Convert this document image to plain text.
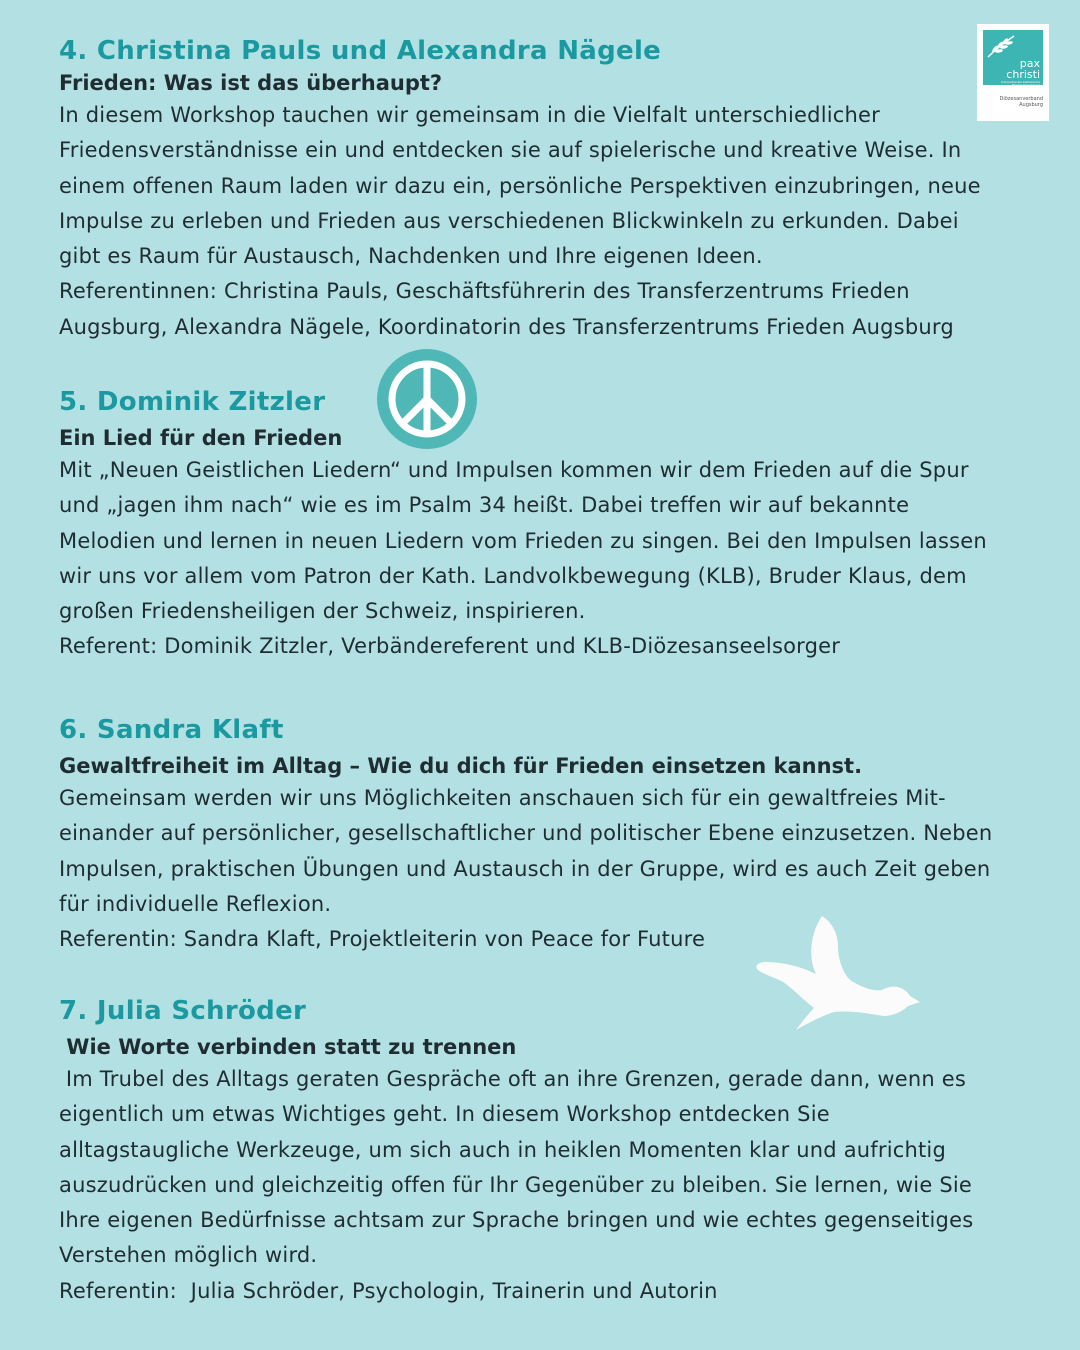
4. Christina Pauls und Alexandra Nägele

Frieden: Was ist das überhaupt?

In diesem Workshop tauchen wir gemeinsam in die Vielfalt unterschiedlicher

Friedensverständnisse ein und entdecken sie auf spielerische und kreative Weise. In

einem offenen Raum laden wir dazu ein, persönliche Perspektiven einzubringen, neue

Impulse zu erleben und Frieden aus verschiedenen Blickwinkeln zu erkunden. Dabei

gibt es Raum für Austausch, Nachdenken und Ihre eigenen Ideen.

Referentinnen: Christina Pauls, Geschäftsführerin des Transferzentrums Frieden

Augsburg, Alexandra Nägele, Koordinatorin des Transferzentrums Frieden Augsburg

5. Dominik Zitzler

Ein Lied für den Frieden

Mit „Neuen Geistlichen Liedern“ und Impulsen kommen wir dem Frieden auf die Spur

und „jagen ihm nach“ wie es im Psalm 34 heißt. Dabei treffen wir auf bekannte

Melodien und lernen in neuen Liedern vom Frieden zu singen. Bei den Impulsen lassen

wir uns vor allem vom Patron der Kath. Landvolkbewegung (KLB), Bruder Klaus, dem

großen Friedensheiligen der Schweiz, inspirieren.

Referent: Dominik Zitzler, Verbändereferent und KLB-Diözesanseelsorger

6. Sandra Klaft

Gewaltfreiheit im Alltag – Wie du dich für Frieden einsetzen kannst.

Gemeinsam werden wir uns Möglichkeiten anschauen sich für ein gewaltfreies Mit-

einander auf persönlicher, gesellschaftlicher und politischer Ebene einzusetzen. Neben

Impulsen, praktischen Übungen und Austausch in der Gruppe, wird es auch Zeit geben

für individuelle Reflexion.

Referentin: Sandra Klaft, Projektleiterin von Peace for Future

7. Julia Schröder

Wie Worte verbinden statt zu trennen

Im Trubel des Alltags geraten Gespräche oft an ihre Grenzen, gerade dann, wenn es

eigentlich um etwas Wichtiges geht. In diesem Workshop entdecken Sie

alltagstaugliche Werkzeuge, um sich auch in heiklen Momenten klar und aufrichtig

auszudrücken und gleichzeitig offen für Ihr Gegenüber zu bleiben. Sie lernen, wie Sie

Ihre eigenen Bedürfnisse achtsam zur Sprache bringen und wie echtes gegenseitiges

Verstehen möglich wird.

Referentin:  Julia Schröder, Psychologin, Trainerin und Autorin

pax
christi
Internationale katholische Friedensbewegung
Diözesanverband
Augsburg
